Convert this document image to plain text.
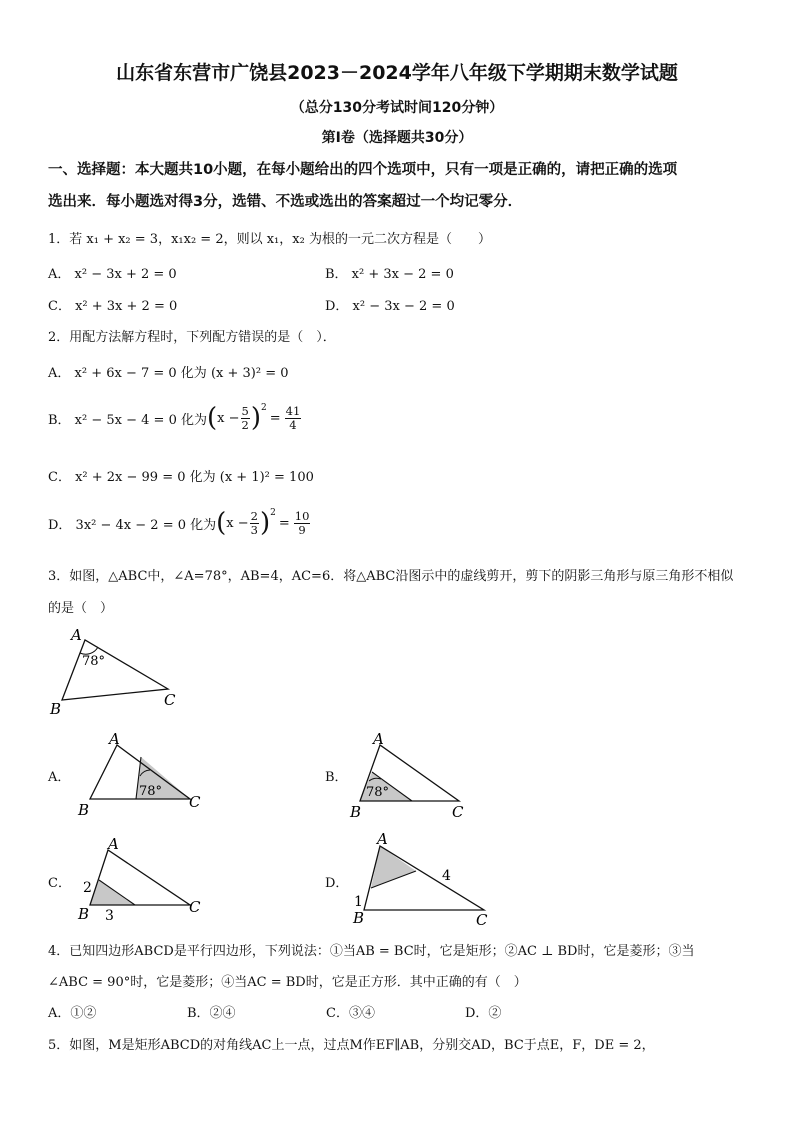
山东省东营市广饶县2023－2024学年八年级下学期期末数学试题
（总分130分考试时间120分钟）
第Ⅰ卷（选择题共30分）
一、选择题：本大题共10小题，在每小题给出的四个选项中，只有一项是正确的，请把正确的选项
选出来．每小题选对得3分，选错、不选或选出的答案超过一个均记零分．
1．若 x₁ + x₂ = 3，x₁x₂ = 2，则以 x₁，x₂ 为根的一元二次方程是（　　）
A． x² − 3x + 2 = 0	B． x² + 3x − 2 = 0
C． x² + 3x + 2 = 0	D． x² − 3x − 2 = 0
2．用配方法解方程时，下列配方错误的是（　）．
A． x² + 6x − 7 = 0 化为 (x + 3)² = 0
B． x² − 5x − 4 = 0 化为 ( $x - \frac{5}{2} )^2$
= $\frac{41}{4}$
C． x² + 2x − 99 = 0 化为 (x + 1)² = 100
D． 3x² − 4x − 2 = 0 化为 ( $x - \frac{2}{3} )^2$
= $\frac{10}{9}$
3．如图，△ABC中，∠A=78°，AB=4，AC=6．将△ABC沿图示中的虚线剪开，剪下的阴影三角形与原三角形不相似
的是（　）
A
78°
B	C
A．
A
78°
B	C
B．
A
78°
B	C
C．
A
2
B 3	C
D．
A
4
1
B	C
4．已知四边形ABCD是平行四边形，下列说法：①当AB = BC时，它是矩形；②AC ⊥ BD时，它是菱形；③当
∠ABC = 90°时，它是菱形；④当AC = BD时，它是正方形．其中正确的有（　）
A．①②	B．②④	C．③④	D．②
5．如图，M是矩形ABCD的对角线AC上一点，过点M作EF∥AB，分别交AD，BC于点E，F，DE = 2，
